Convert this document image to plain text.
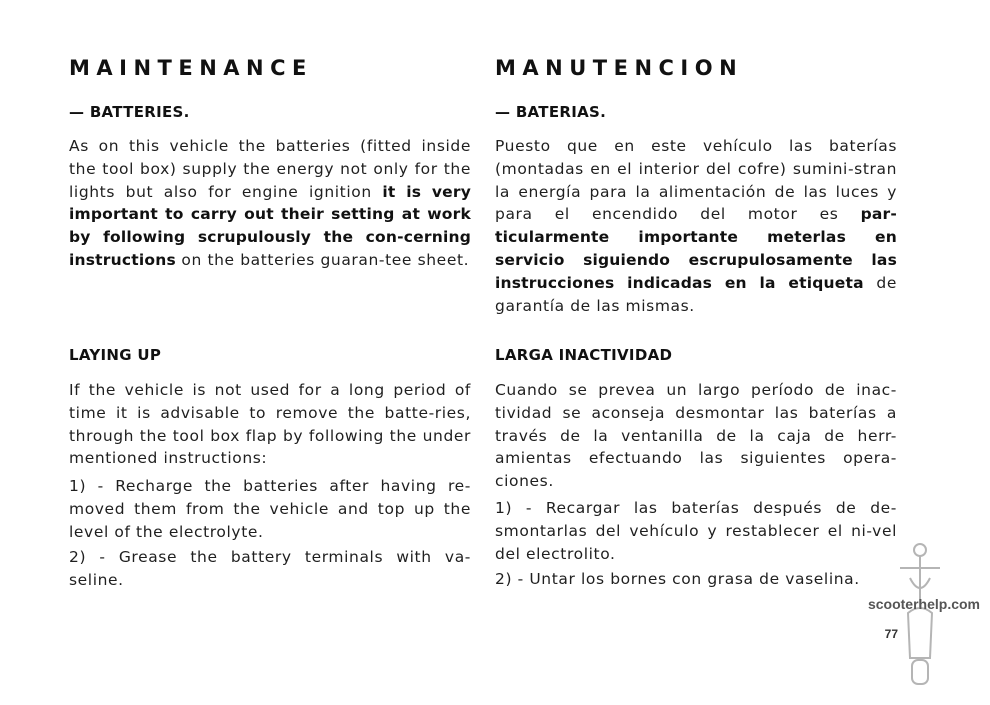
MAINTENANCE
— BATTERIES.

As on this vehicle the batteries (fitted inside the tool box) supply the energy not only for the lights but also for engine ignition it is very important to carry out their setting at work by following scrupulously the con-cerning instructions on the batteries guaran-tee sheet.

LAYING UP

If the vehicle is not used for a long period of time it is advisable to remove the batte-ries, through the tool box flap by following the under mentioned instructions:

1) - Recharge the batteries after having re-moved them from the vehicle and top up the level of the electrolyte.

2) - Grease the battery terminals with va-seline.

MANUTENCION
— BATERIAS.

Puesto que en este vehículo las baterías (montadas en el interior del cofre) sumini-stran la energía para la alimentación de las luces y para el encendido del motor es par-ticularmente importante meterlas en servicio siguiendo escrupulosamente las instrucciones indicadas en la etiqueta de garantía de las mismas.

LARGA INACTIVIDAD

Cuando se prevea un largo período de inac-tividad se aconseja desmontar las baterías a través de la ventanilla de la caja de herr-amientas efectuando las siguientes opera-ciones.

1) - Recargar las baterías después de de-smontarlas del vehículo y restablecer el ni-vel del electrolito.

2) - Untar los bornes con grasa de vaselina.

scooterhelp.com
77
